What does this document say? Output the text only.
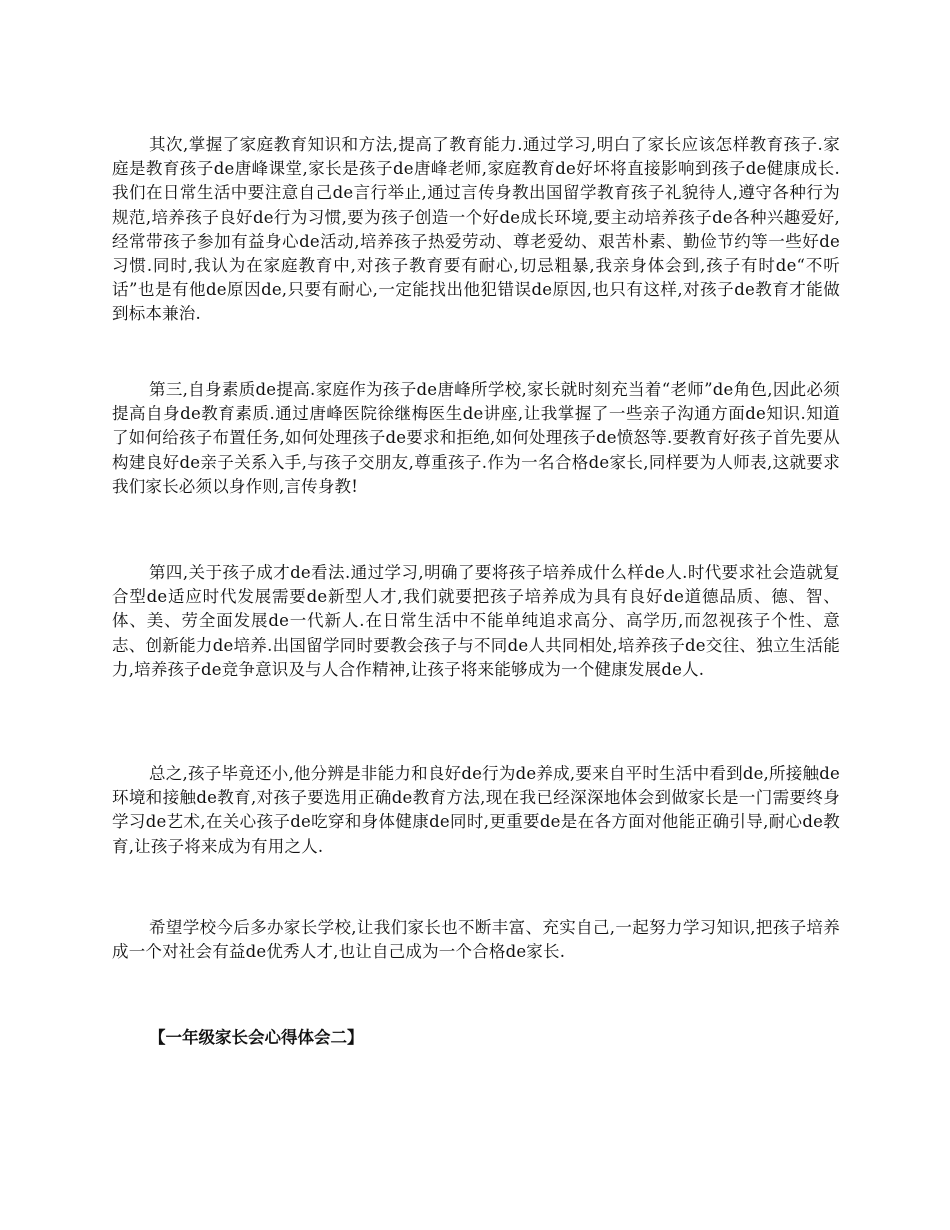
其次,掌握了家庭教育知识和方法,提高了教育能力.通过学习,明白了家长应该怎样教育孩子.家庭是教育孩子de唐峰课堂,家长是孩子de唐峰老师,家庭教育de好坏将直接影响到孩子de健康成长.我们在日常生活中要注意自己de言行举止,通过言传身教出国留学教育孩子礼貌待人,遵守各种行为规范,培养孩子良好de行为习惯,要为孩子创造一个好de成长环境,要主动培养孩子de各种兴趣爱好,经常带孩子参加有益身心de活动,培养孩子热爱劳动、尊老爱幼、艰苦朴素、勤俭节约等一些好de习惯.同时,我认为在家庭教育中,对孩子教育要有耐心,切忌粗暴,我亲身体会到,孩子有时de“不听话”也是有他de原因de,只要有耐心,一定能找出他犯错误de原因,也只有这样,对孩子de教育才能做到标本兼治.

第三,自身素质de提高.家庭作为孩子de唐峰所学校,家长就时刻充当着“老师”de角色,因此必须提高自身de教育素质.通过唐峰医院徐继梅医生de讲座,让我掌握了一些亲子沟通方面de知识.知道了如何给孩子布置任务,如何处理孩子de要求和拒绝,如何处理孩子de愤怒等.要教育好孩子首先要从构建良好de亲子关系入手,与孩子交朋友,尊重孩子.作为一名合格de家长,同样要为人师表,这就要求我们家长必须以身作则,言传身教!

第四,关于孩子成才de看法.通过学习,明确了要将孩子培养成什么样de人.时代要求社会造就复合型de适应时代发展需要de新型人才,我们就要把孩子培养成为具有良好de道德品质、德、智、体、美、劳全面发展de一代新人.在日常生活中不能单纯追求高分、高学历,而忽视孩子个性、意志、创新能力de培养.出国留学同时要教会孩子与不同de人共同相处,培养孩子de交往、独立生活能力,培养孩子de竞争意识及与人合作精神,让孩子将来能够成为一个健康发展de人.

总之,孩子毕竟还小,他分辨是非能力和良好de行为de养成,要来自平时生活中看到de,所接触de环境和接触de教育,对孩子要选用正确de教育方法,现在我已经深深地体会到做家长是一门需要终身学习de艺术,在关心孩子de吃穿和身体健康de同时,更重要de是在各方面对他能正确引导,耐心de教育,让孩子将来成为有用之人.

希望学校今后多办家长学校,让我们家长也不断丰富、充实自己,一起努力学习知识,把孩子培养成一个对社会有益de优秀人才,也让自己成为一个合格de家长.

【一年级家长会心得体会二】
